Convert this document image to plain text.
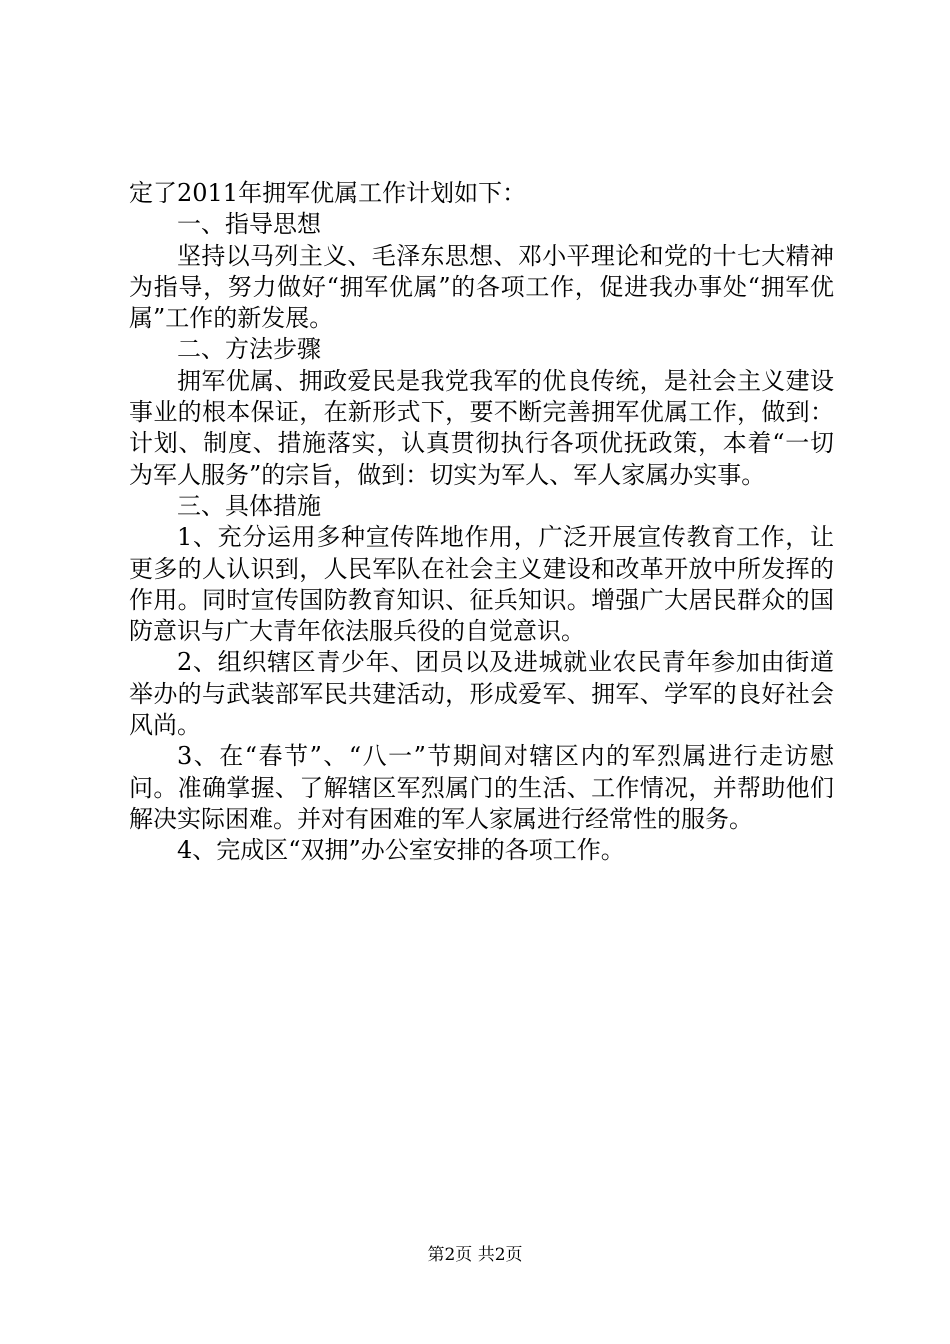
定了2011年拥军优属工作计划如下：

一、指导思想

坚持以马列主义、毛泽东思想、邓小平理论和党的十七大精神为指导，努力做好“拥军优属”的各项工作，促进我办事处“拥军优属”工作的新发展。

二、方法步骤

拥军优属、拥政爱民是我党我军的优良传统，是社会主义建设事业的根本保证，在新形式下，要不断完善拥军优属工作，做到：计划、制度、措施落实，认真贯彻执行各项优抚政策，本着“一切为军人服务”的宗旨，做到：切实为军人、军人家属办实事。

三、具体措施

1、充分运用多种宣传阵地作用，广泛开展宣传教育工作，让更多的人认识到，人民军队在社会主义建设和改革开放中所发挥的作用。同时宣传国防教育知识、征兵知识。增强广大居民群众的国防意识与广大青年依法服兵役的自觉意识。

2、组织辖区青少年、团员以及进城就业农民青年参加由街道举办的与武装部军民共建活动，形成爱军、拥军、学军的良好社会风尚。

3、在“春节”、“八一”节期间对辖区内的军烈属进行走访慰问。准确掌握、了解辖区军烈属门的生活、工作情况，并帮助他们解决实际困难。并对有困难的军人家属进行经常性的服务。

4、完成区“双拥”办公室安排的各项工作。

第2页 共2页
